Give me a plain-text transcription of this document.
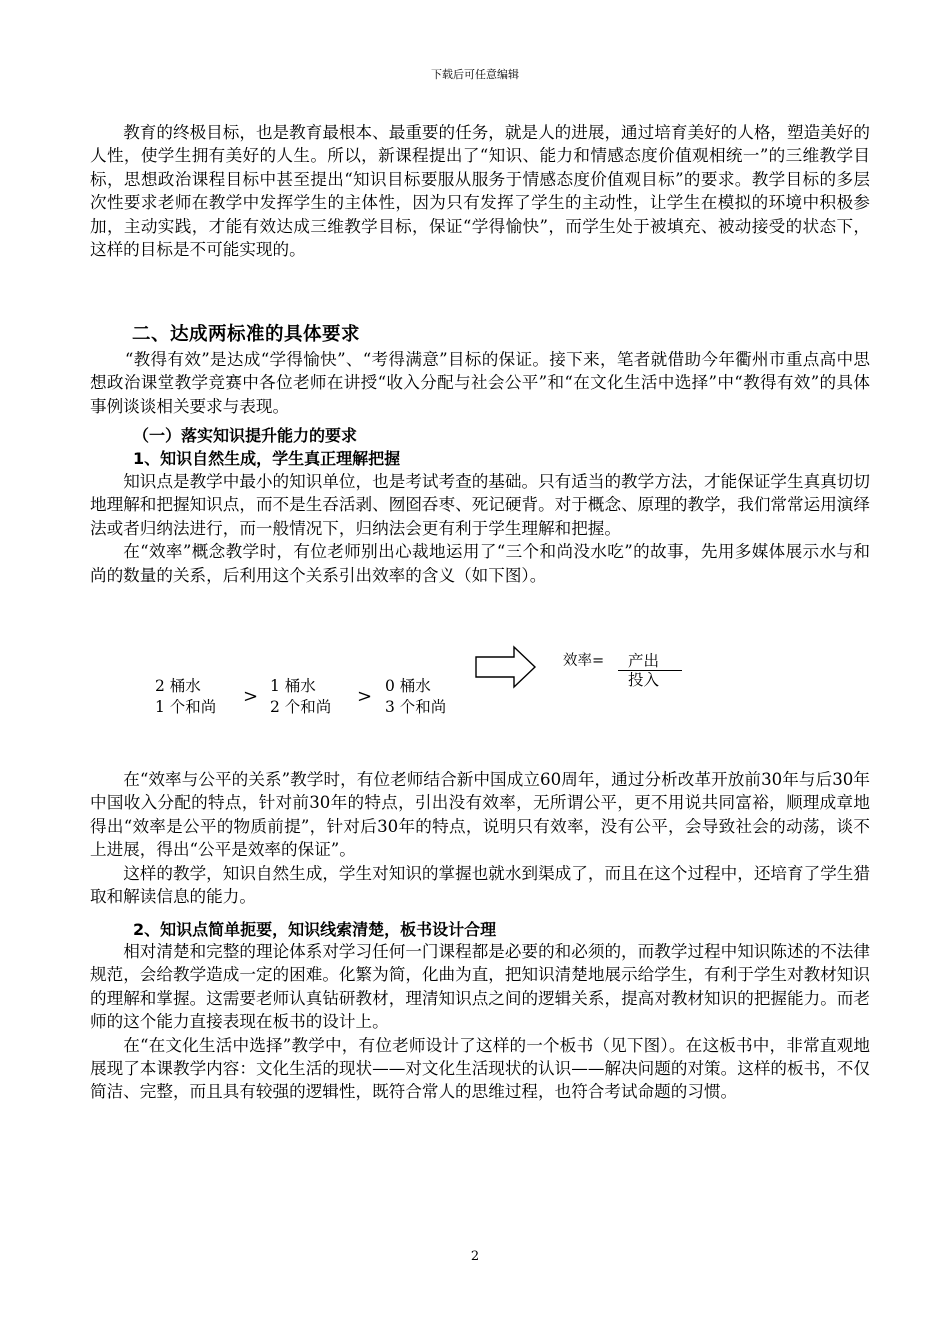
下载后可任意编辑

教育的终极目标，也是教育最根本、最重要的任务，就是人的进展，通过培育美好的人格，塑造美好的人性，使学生拥有美好的人生。所以，新课程提出了“知识、能力和情感态度价值观相统一”的三维教学目标，思想政治课程目标中甚至提出“知识目标要服从服务于情感态度价值观目标”的要求。教学目标的多层次性要求老师在教学中发挥学生的主体性，因为只有发挥了学生的主动性，让学生在模拟的环境中积极参加，主动实践，才能有效达成三维教学目标，保证“学得愉快”，而学生处于被填充、被动接受的状态下，这样的目标是不可能实现的。

二、达成两标准的具体要求

“教得有效”是达成“学得愉快”、“考得满意”目标的保证。接下来，笔者就借助今年衢州市重点高中思想政治课堂教学竞赛中各位老师在讲授“收入分配与社会公平”和“在文化生活中选择”中“教得有效”的具体事例谈谈相关要求与表现。

（一）落实知识提升能力的要求
1、知识自然生成，学生真正理解把握

知识点是教学中最小的知识单位，也是考试考查的基础。只有适当的教学方法，才能保证学生真真切切地理解和把握知识点，而不是生吞活剥、囫囵吞枣、死记硬背。对于概念、原理的教学，我们常常运用演绎法或者归纳法进行，而一般情况下，归纳法会更有利于学生理解和把握。

在“效率”概念教学时，有位老师别出心裁地运用了“三个和尚没水吃”的故事，先用多媒体展示水与和尚的数量的关系，后利用这个关系引出效率的含义（如下图）。

2 桶水
1 个和尚 > 1 桶水
2 个和尚 > 0 桶水
3 个和尚
效率= 产出
投入

在“效率与公平的关系”教学时，有位老师结合新中国成立60周年，通过分析改革开放前30年与后30年中国收入分配的特点，针对前30年的特点，引出没有效率，无所谓公平，更不用说共同富裕，顺理成章地得出“效率是公平的物质前提”，针对后30年的特点，说明只有效率，没有公平，会导致社会的动荡，谈不上进展，得出“公平是效率的保证”。

这样的教学，知识自然生成，学生对知识的掌握也就水到渠成了，而且在这个过程中，还培育了学生猎取和解读信息的能力。

2、知识点简单扼要，知识线索清楚，板书设计合理

相对清楚和完整的理论体系对学习任何一门课程都是必要的和必须的，而教学过程中知识陈述的不法律规范，会给教学造成一定的困难。化繁为简，化曲为直，把知识清楚地展示给学生，有利于学生对教材知识的理解和掌握。这需要老师认真钻研教材，理清知识点之间的逻辑关系，提高对教材知识的把握能力。而老师的这个能力直接表现在板书的设计上。

在“在文化生活中选择”教学中，有位老师设计了这样的一个板书（见下图）。在这板书中，非常直观地展现了本课教学内容：文化生活的现状——对文化生活现状的认识——解决问题的对策。这样的板书，不仅简洁、完整，而且具有较强的逻辑性，既符合常人的思维过程，也符合考试命题的习惯。

2
